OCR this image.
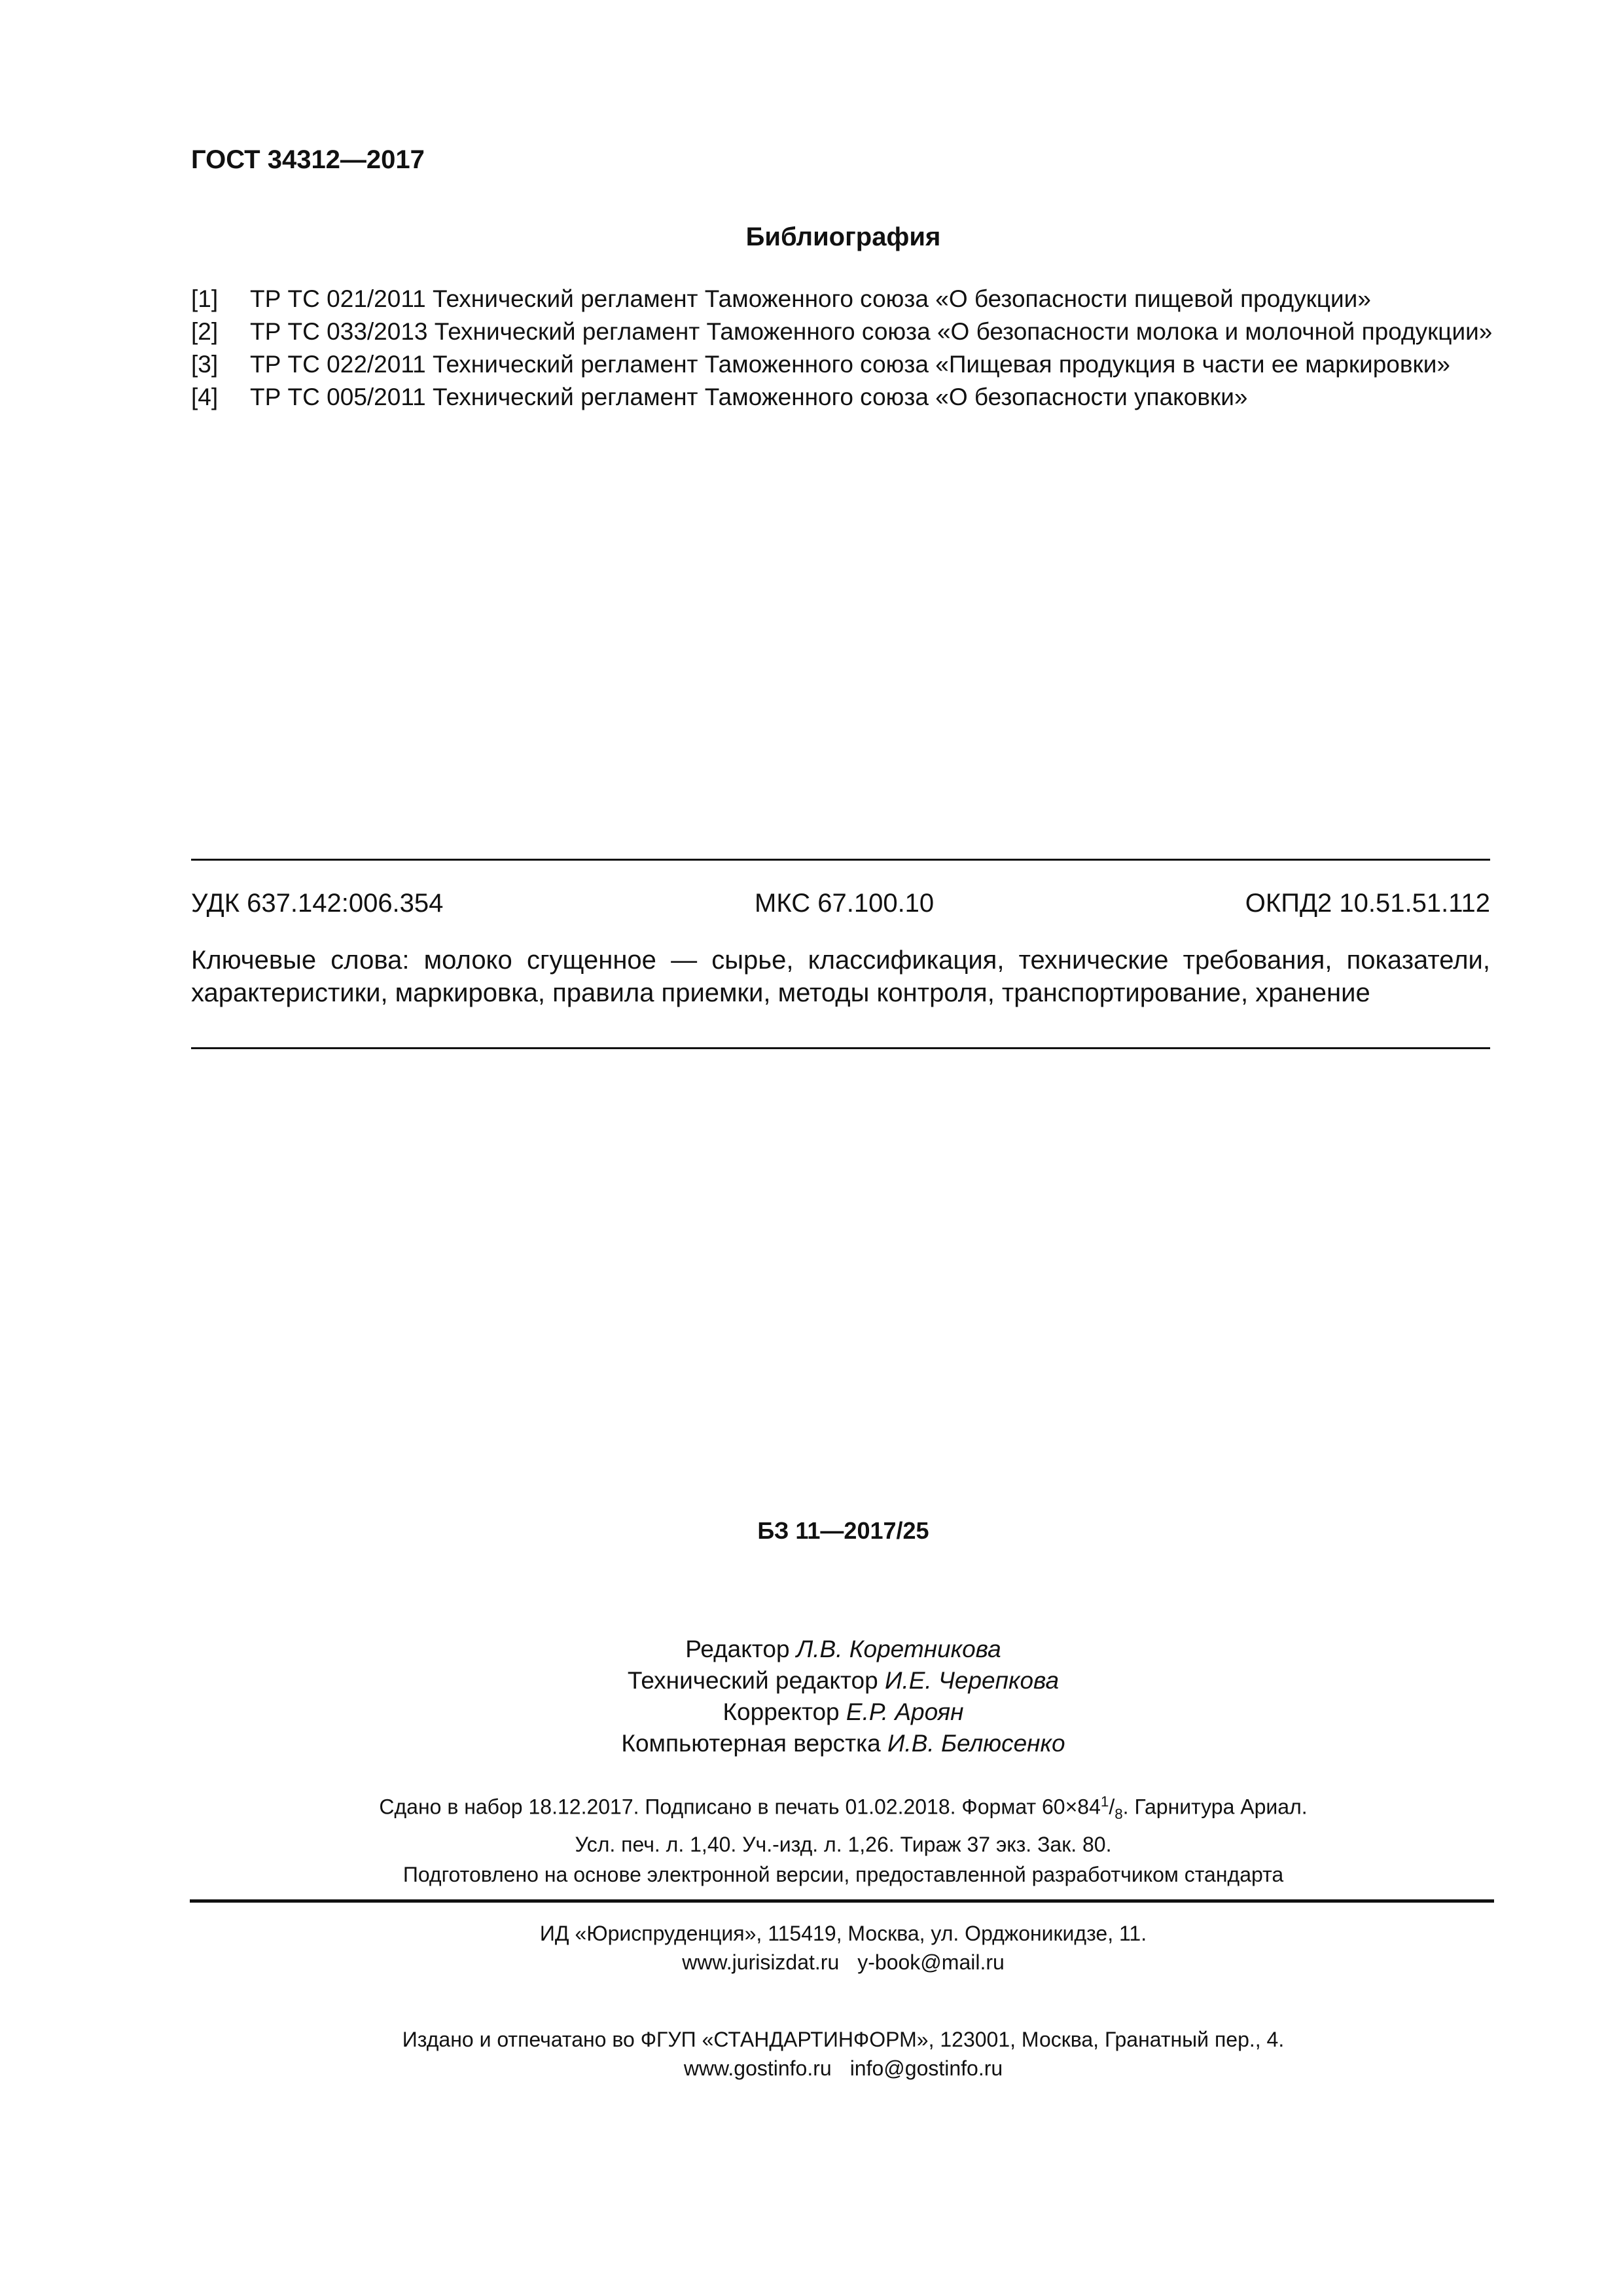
ГОСТ 34312—2017
Библиография
[1]	ТР ТС 021/2011 Технический регламент Таможенного союза «О безопасности пищевой продукции»
[2]	ТР ТС 033/2013 Технический регламент Таможенного союза «О безопасности молока и молочной продукции»
[3]	ТР ТС 022/2011 Технический регламент Таможенного союза «Пищевая продукция в части ее маркировки»
[4]	ТР ТС 005/2011 Технический регламент Таможенного союза «О безопасности упаковки»
УДК 637.142:006.354	МКС 67.100.10	ОКПД2 10.51.51.112
Ключевые слова: молоко сгущенное — сырье, классификация, технические требования, показатели,
характеристики, маркировка, правила приемки, методы контроля, транспортирование, хранение
БЗ 11—2017/25
Редактор Л.В. Коретникова
Технический редактор И.Е. Черепкова
Корректор Е.Р. Ароян
Компьютерная верстка И.В. Белюсенко
Сдано в набор 18.12.2017. Подписано в печать 01.02.2018. Формат $60\times 84^1/_8$. Гарнитура Ариал.
Усл. печ. л. 1,40. Уч.-изд. л. 1,26. Тираж 37 экз. Зак. 80.
Подготовлено на основе электронной версии, предоставленной разработчиком стандарта
ИД «Юриспруденция», 115419, Москва, ул. Орджоникидзе, 11.
www.jurisizdat.ru y-book@mail.ru
Издано и отпечатано во ФГУП «СТАНДАРТИНФОРМ», 123001, Москва, Гранатный пер., 4.
www.gostinfo.ru info@gostinfo.ru
